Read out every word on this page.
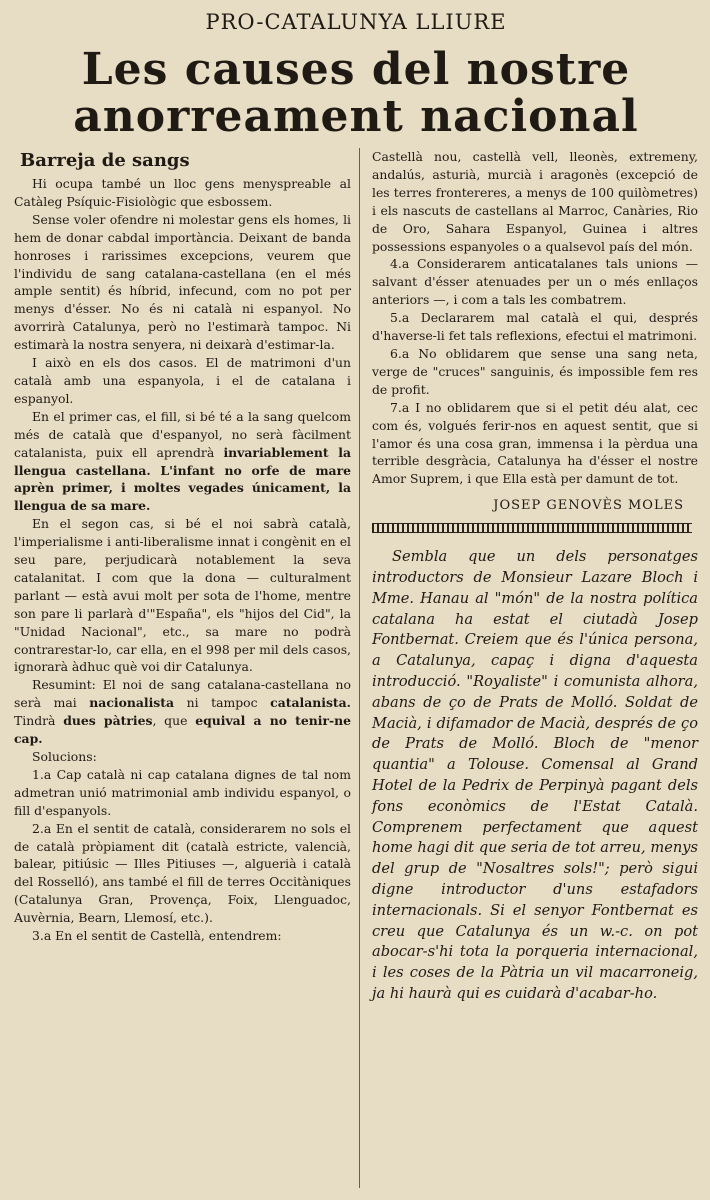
PRO-CATALUNYA LLIURE
Les causes del nostre
anorreament nacional
Barreja de sangs

Hi ocupa també un lloc gens menyspreable al Catàleg Psíquic-Fisiològic que esbossem.

Sense voler ofendre ni molestar gens els homes, li hem de donar cabdal importància. Deixant de banda honroses i rarissimes excepcions, veurem que l'individu de sang catalana-castellana (en el més ample sentit) és híbrid, infecund, com no pot per menys d'ésser. No és ni català ni espanyol. No avorrirà Catalunya, però no l'estimarà tampoc. Ni estimarà la nostra senyera, ni deixarà d'estimar-la.

I això en els dos casos. El de matrimoni d'un català amb una espanyola, i el de catalana i espanyol.

En el primer cas, el fill, si bé té a la sang quelcom més de català que d'espanyol, no serà fàcilment catalanista, puix ell aprendrà invariablement la llengua castellana. L'infant no orfe de mare aprèn primer, i moltes vegades únicament, la llengua de sa mare.

En el segon cas, si bé el noi sabrà català, l'imperialisme i anti-liberalisme innat i congènit en el seu pare, perjudicarà notablement la seva catalanitat. I com que la dona — culturalment parlant — està avui molt per sota de l'home, mentre son pare li parlarà d'"España", els "hijos del Cid", la "Unidad Nacional", etc., sa mare no podrà contrarestar-lo, car ella, en el 998 per mil dels casos, ignorarà àdhuc què voi dir Catalunya.

Resumint: El noi de sang catalana-castellana no serà mai nacionalista ni tampoc catalanista. Tindrà dues pàtries, que equival a no tenir-ne cap.

Solucions:

1.a Cap català ni cap catalana dignes de tal nom admetran unió matrimonial amb individu espanyol, o fill d'espanyols.

2.a En el sentit de català, considerarem no sols el de català pròpiament dit (català estricte, valencià, balear, pitiúsic — Illes Pitiuses —, alguerià i català del Rosselló), ans també el fill de terres Occitàniques (Catalunya Gran, Provença, Foix, Llenguadoc, Auvèrnia, Bearn, Llemosí, etc.).

3.a En el sentit de Castellà, entendrem:

Castellà nou, castellà vell, lleonès, extremeny, andalús, asturià, murcià i aragonès (excepció de les terres frontereres, a menys de 100 quilòmetres) i els nascuts de castellans al Marroc, Canàries, Rio de Oro, Sahara Espanyol, Guinea i altres possessions espanyoles o a qualsevol país del món.

4.a Considerarem anticatalanes tals unions —salvant d'ésser atenuades per un o més enllaços anteriors —, i com a tals les combatrem.

5.a Declararem mal català el qui, després d'haverse-li fet tals reflexions, efectui el matrimoni.

6.a No oblidarem que sense una sang neta, verge de "cruces" sanguinis, és impossible fem res de profit.

7.a I no oblidarem que si el petit déu alat, cec com és, volgués ferir-nos en aquest sentit, que si l'amor és una cosa gran, immensa i la pèrdua una terrible desgràcia, Catalunya ha d'ésser el nostre Amor Suprem, i que Ella està per damunt de tot.

JOSEP GENOVÈS MOLES

Sembla que un dels personatges introductors de Monsieur Lazare Bloch i Mme. Hanau al "món" de la nostra política catalana ha estat el ciutadà Josep Fontbernat. Creiem que és l'única persona, a Catalunya, capaç i digna d'aquesta introducció. "Royaliste" i comunista alhora, abans de ço de Prats de Molló. Soldat de Macià, i difamador de Macià, després de ço de Prats de Molló. Bloch de "menor quantia" a Tolouse. Comensal al Grand Hotel de la Pedrix de Perpinyà pagant dels fons econòmics de l'Estat Català. Comprenem perfectament que aquest home hagi dit que seria de tot arreu, menys del grup de "Nosaltres sols!"; però sigui digne introductor d'uns estafadors internacionals. Si el senyor Fontbernat es creu que Catalunya és un w.-c. on pot abocar-s'hi tota la porqueria internacional, i les coses de la Pàtria un vil macarroneig, ja hi haurà qui es cuidarà d'acabar-ho.
